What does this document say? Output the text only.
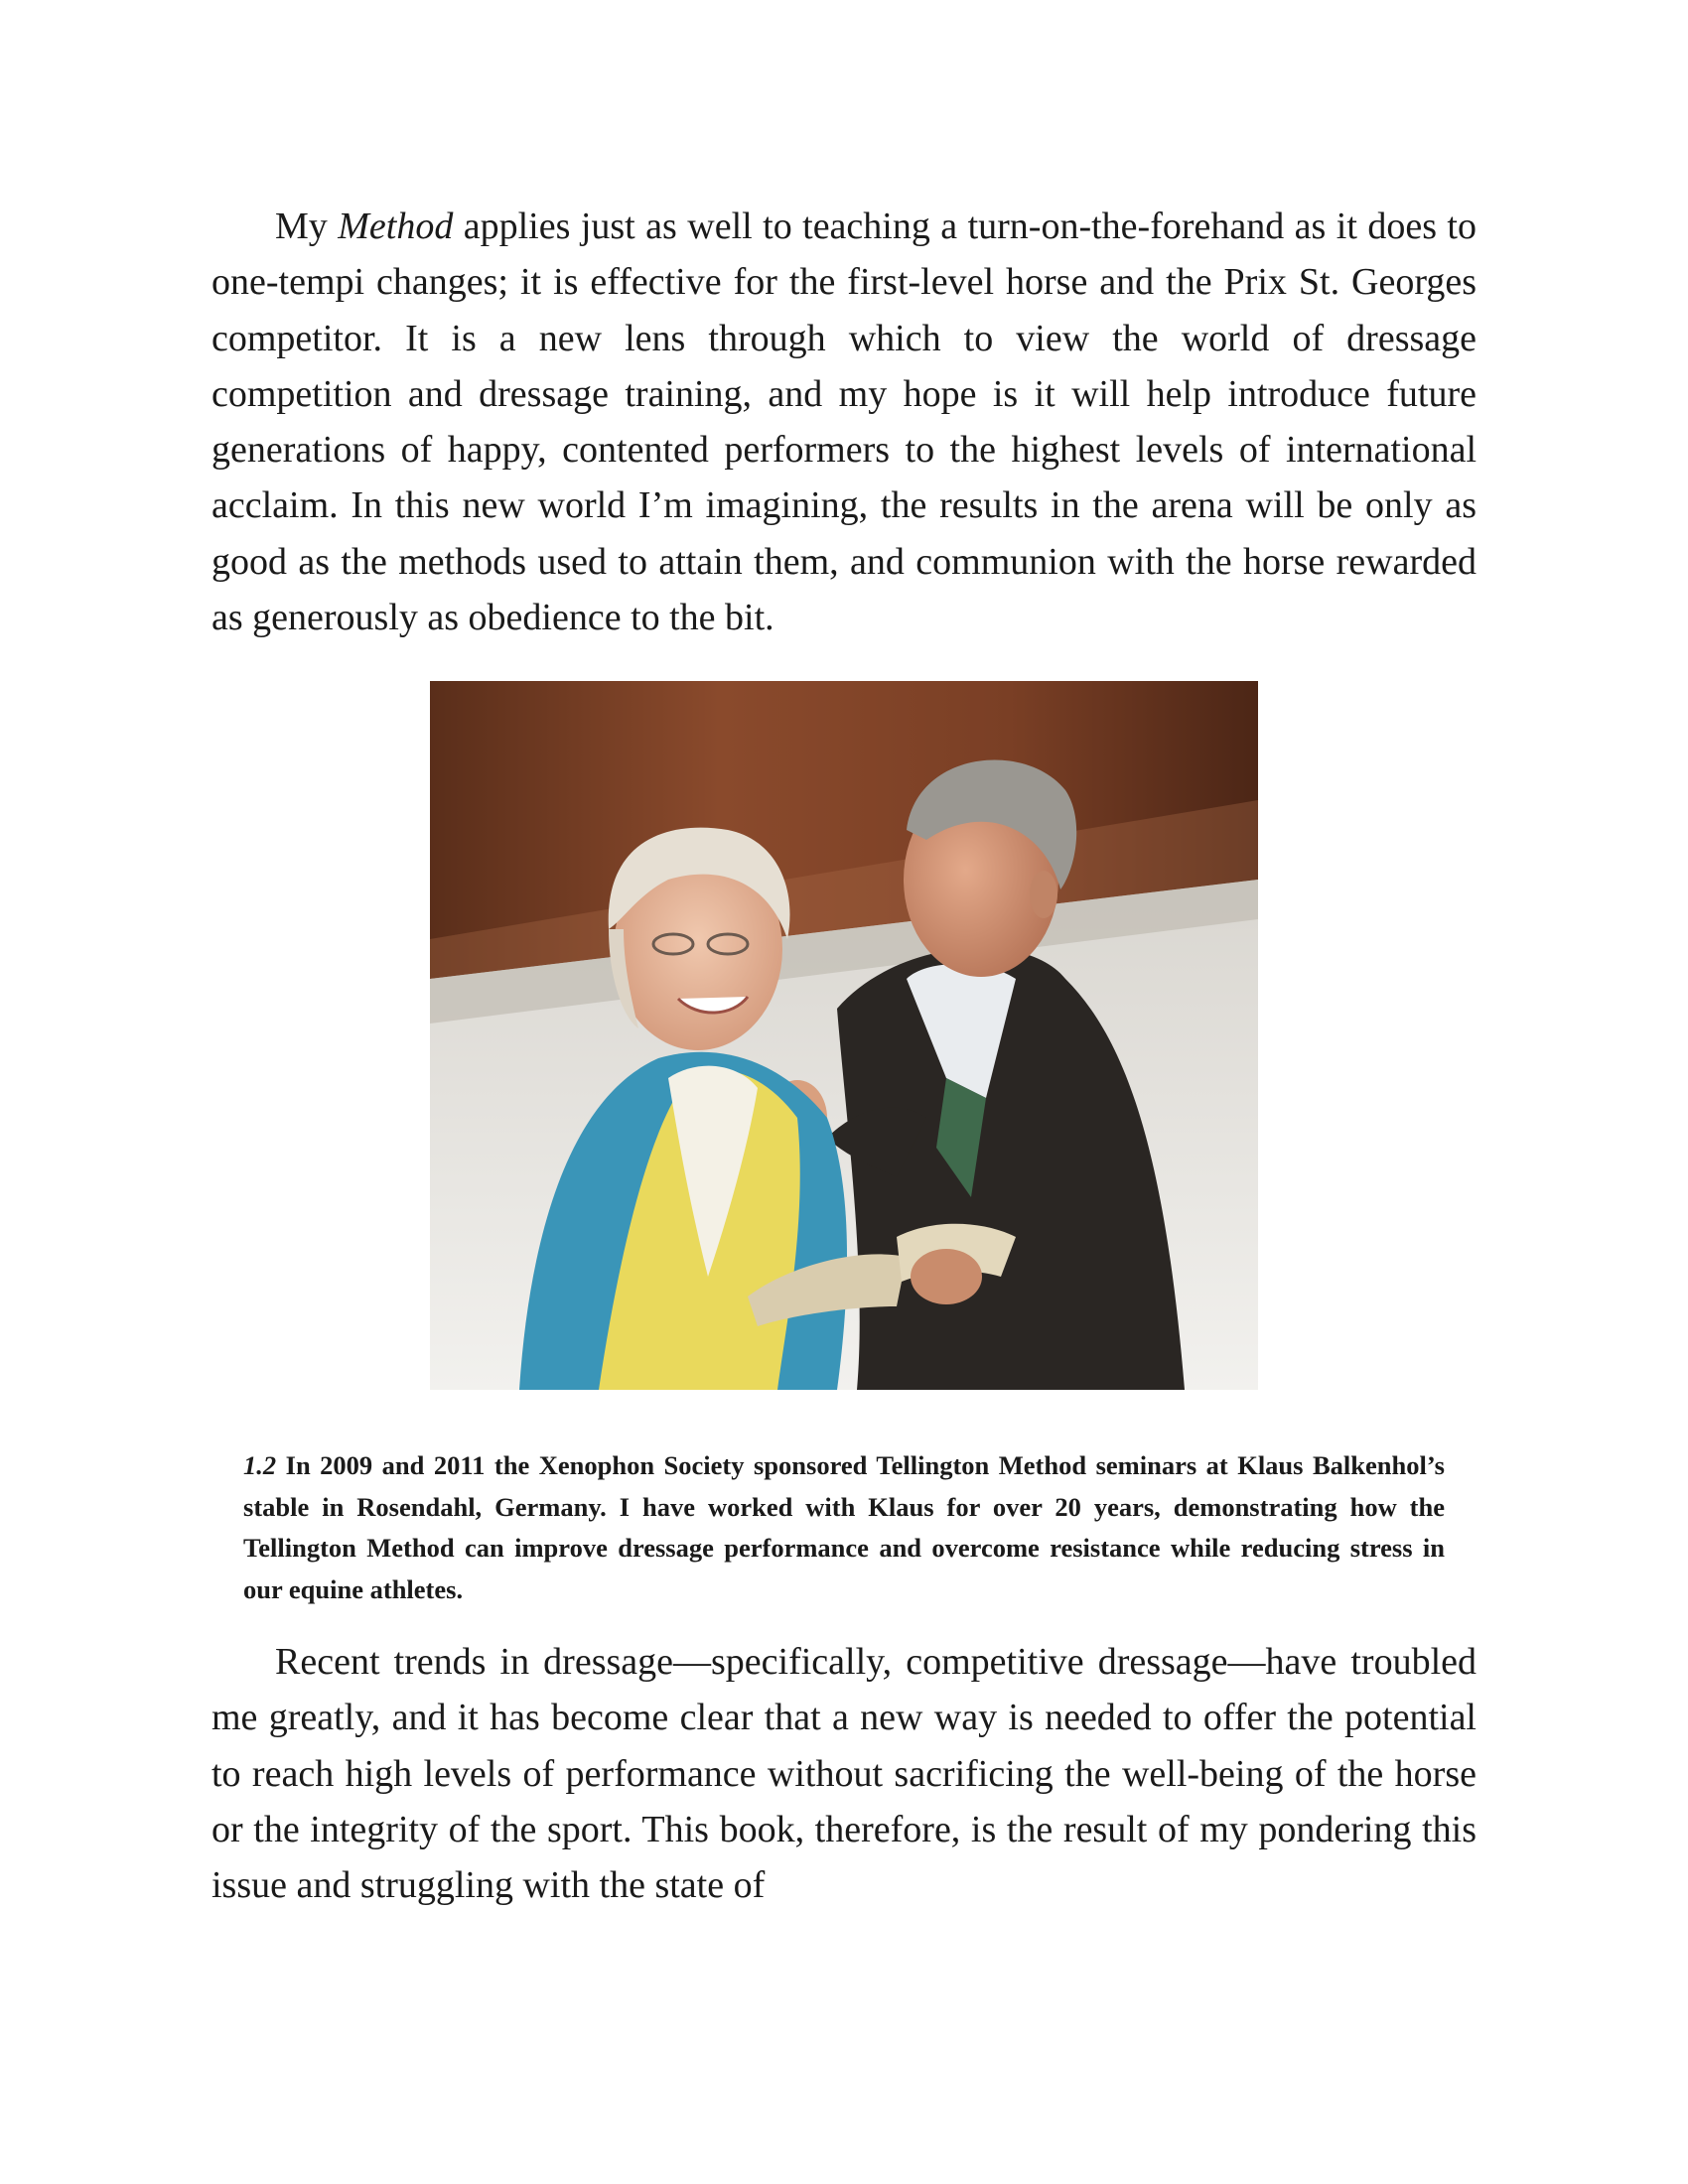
My Method applies just as well to teaching a turn-on-the-forehand as it does to one-tempi changes; it is effective for the first-level horse and the Prix St. Georges competitor. It is a new lens through which to view the world of dressage competition and dressage training, and my hope is it will help introduce future generations of happy, contented performers to the highest levels of international acclaim. In this new world I’m imagining, the results in the arena will be only as good as the methods used to attain them, and communion with the horse rewarded as generously as obedience to the bit.

1.2 In 2009 and 2011 the Xenophon Society sponsored Tellington Method seminars at Klaus Balkenhol’s stable in Rosendahl, Germany. I have worked with Klaus for over 20 years, demonstrating how the Tellington Method can improve dressage performance and overcome resistance while reducing stress in our equine athletes.

Recent trends in dressage—specifically, competitive dressage—have troubled me greatly, and it has become clear that a new way is needed to offer the potential to reach high levels of performance without sacrificing the well-being of the horse or the integrity of the sport. This book, therefore, is the result of my pondering this issue and struggling with the state of
